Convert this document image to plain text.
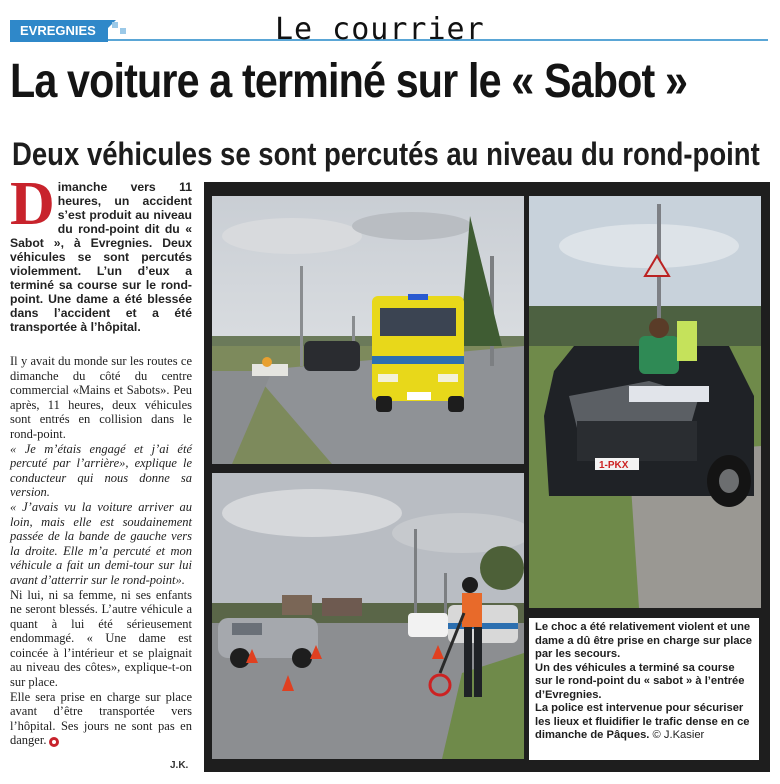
EVREGNIES	Le courrier
La voiture a terminé sur le « Sabot »
Deux véhicules se sont percutés au niveau du rond-point
D imanche vers 11 heures, un accident s’est produit au niveau du rond-point dit du « Sabot », à Evregnies. Deux véhicules se sont percutés violemment. L’un d’eux a terminé sa course sur le rond-point. Une dame a été blessée dans l’accident et a été transportée à l’hôpital.

Il y avait du monde sur les routes ce dimanche du côté du centre commercial «Mains et Sabots». Peu après, 11 heures, deux véhicules sont entrés en collision dans le rond-point.

« Je m’étais engagé et j’ai été percuté par l’arrière», explique le conducteur qui nous donne sa version.

« J’avais vu la voiture arriver au loin, mais elle est soudainement passée de la bande de gauche vers la droite. Elle m’a percuté et mon véhicule a fait un demi-tour sur lui avant d’atterrir sur le rond-point».

Ni lui, ni sa femme, ni ses enfants ne seront blessés. L’autre véhicule a quant à lui été sérieusement endommagé. « Une dame est coincée à l’intérieur et se plaignait au niveau des côtes», explique-t-on sur place.

Elle sera prise en charge sur place avant d’être transportée vers l’hôpital. Ses jours ne sont pas en danger.

J.K.
1-PKX

Le choc a été relativement violent et une dame a dû être prise en charge sur place par les secours.

Un des véhicules a terminé sa course sur le rond-point du « sabot » à l’entrée d’Evregnies.

La police est intervenue pour sécuriser les lieux et fluidifier le trafic dense en ce dimanche de Pâques. © J.Kasier
